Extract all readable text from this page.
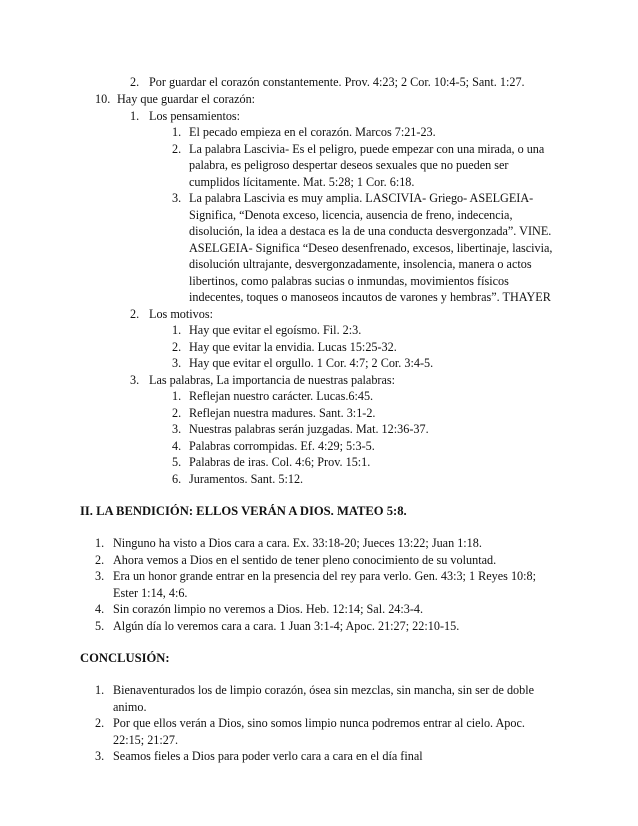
2. Por guardar el corazón constantemente. Prov. 4:23; 2 Cor. 10:4-5; Sant. 1:27.
10. Hay que guardar el corazón:
1. Los pensamientos:
1. El pecado empieza en el corazón. Marcos 7:21-23.
2. La palabra Lascivia- Es el peligro, puede empezar con una mirada, o una
palabra, es peligroso despertar deseos sexuales que no pueden ser
cumplidos lícitamente. Mat. 5:28; 1 Cor. 6:18.
3. La palabra Lascivia es muy amplia. LASCIVIA- Griego- ASELGEIA-
Significa, “Denota exceso, licencia, ausencia de freno, indecencia,
disolución, la idea a destaca es la de una conducta desvergonzada”. VINE.
ASELGEIA- Significa “Deseo desenfrenado, excesos, libertinaje, lascivia,
disolución ultrajante, desvergonzadamente, insolencia, manera o actos
libertinos, como palabras sucias o inmundas, movimientos físicos
indecentes, toques o manoseos incautos de varones y hembras”. THAYER
2. Los motivos:
1. Hay que evitar el egoísmo. Fil. 2:3.
2. Hay que evitar la envidia. Lucas 15:25-32.
3. Hay que evitar el orgullo. 1 Cor. 4:7; 2 Cor. 3:4-5.
3. Las palabras, La importancia de nuestras palabras:
1. Reflejan nuestro carácter. Lucas.6:45.
2. Reflejan nuestra madures. Sant. 3:1-2.
3. Nuestras palabras serán juzgadas. Mat. 12:36-37.
4. Palabras corrompidas. Ef. 4:29; 5:3-5.
5. Palabras de iras. Col. 4:6; Prov. 15:1.
6. Juramentos. Sant. 5:12.
II. LA BENDICIÓN: ELLOS VERÁN A DIOS. MATEO 5:8.
1. Ninguno ha visto a Dios cara a cara. Ex. 33:18-20; Jueces 13:22; Juan 1:18.
2. Ahora vemos a Dios en el sentido de tener pleno conocimiento de su voluntad.
3. Era un honor grande entrar en la presencia del rey para verlo. Gen. 43:3; 1 Reyes 10:8;
Ester 1:14, 4:6.
4. Sin corazón limpio no veremos a Dios. Heb. 12:14; Sal. 24:3-4.
5. Algún día lo veremos cara a cara. 1 Juan 3:1-4; Apoc. 21:27; 22:10-15.
CONCLUSIÓN:
1. Bienaventurados los de limpio corazón, ósea sin mezclas, sin mancha, sin ser de doble
animo.
2. Por que ellos verán a Dios, sino somos limpio nunca podremos entrar al cielo. Apoc.
22:15; 21:27.
3. Seamos fieles a Dios para poder verlo cara a cara en el día final
